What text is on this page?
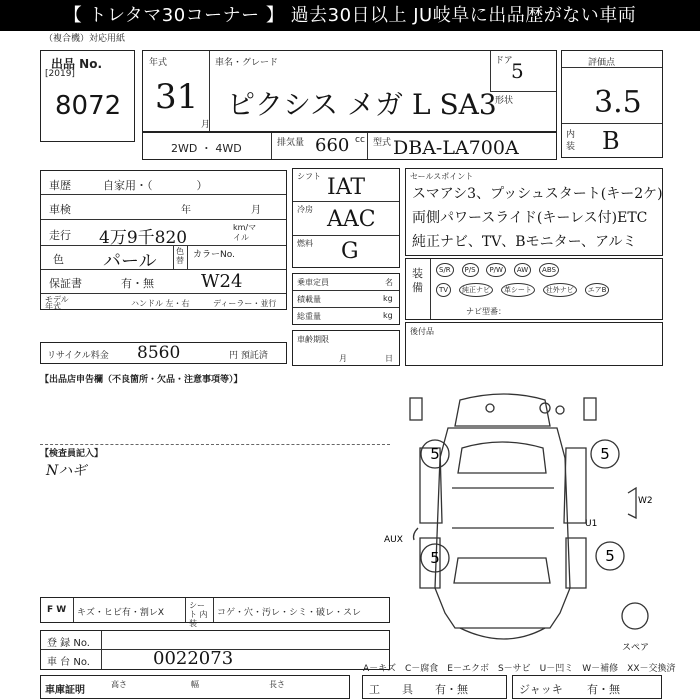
【 トレタマ30コーナー 】 過去30日以上 JU岐阜に出品歴がない車両
（複合機）対応用紙
出品 No.
[2019]
8072
年式
31
月
車名・グレード
ピクシス メガ L SA3
ドア
5
形状
評価点
3.5
内装 B
2WD ・ 4WD	排気量 660 cc 型式 DBA-LA700A
車歴	自家用・（　　　　）
車検	年	月
走行 4万9千820
km/マイル
色 パール 色替
カラーNo.
保証書	有・無	W24
モデル 年式	ハンドル 左・右	ディーラー・並行
リサイクル料金 8560	円 預託済
シフト IAT
冷房 AAC
燃料 G
乗車定員	名
積載量	kg
総重量	kg
車齢期限
月	日
セールスポイント
スマアシ3、プッシュスタート(キー2ケ)
両側パワースライド(キーレス付)ETC
純正ナビ、TV、Bモニター、アルミ
装備
S/R P/S P/W AW ABS
TV 純正ナビ 革シート 社外ナビ エアB
ナビ型番：
後付品
【出品店申告欄（不良箇所・欠品・注意事項等）】
【検査員記入】
Nハギ
5	5
5	5
AUX
U1
W2
スペア
F W キズ・ヒビ有・割レX
シート 内装
コゲ・穴・汚レ・シミ・破レ・スレ
登 録 No.
車 台 No.	0022073	A－キズ　C－腐食　E－エクボ　S－サビ　U－凹ミ　W－補修　XX－交換済
車庫証明
高さ	幅	長さ	工　　具 有・無	ジャッキ 有・無
